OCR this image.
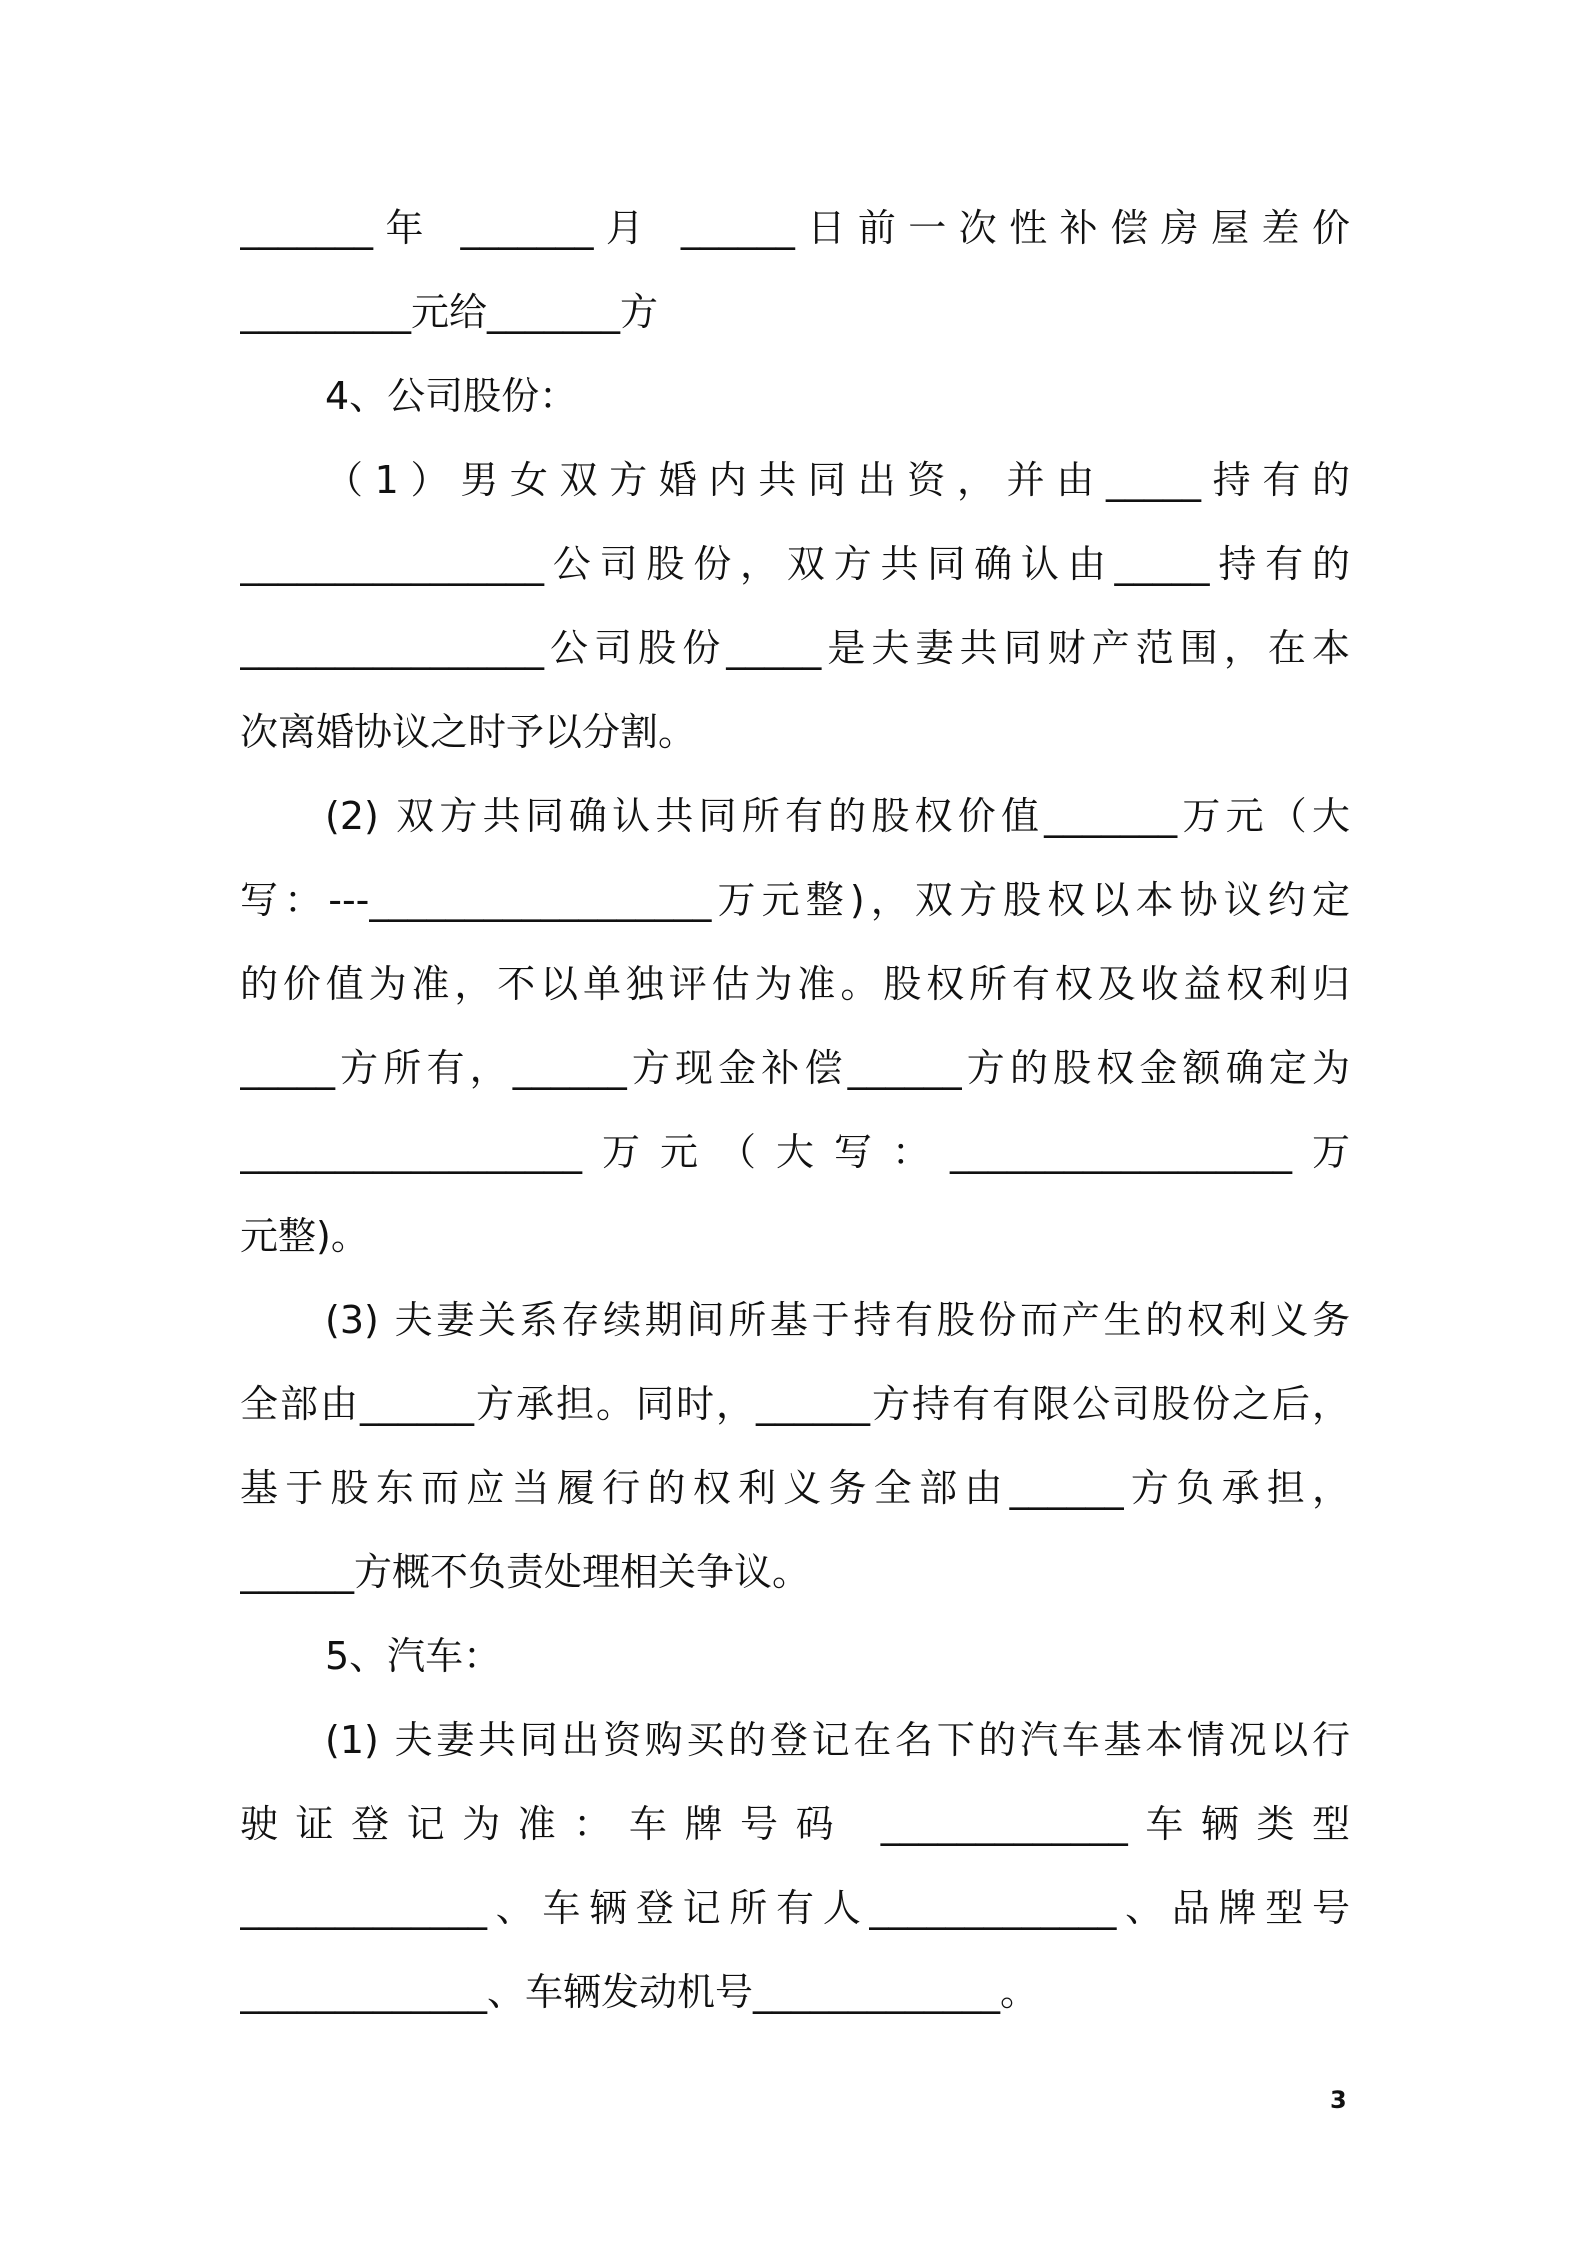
_______年 _______月 ______日前一次性补偿房屋差价
_________元给_______方
4、公司股份：
（1）男女双方婚内共同出资，并由_____持有的
________________公司股份，双方共同确认由_____持有的
________________公司股份_____是夫妻共同财产范围，在本
次离婚协议之时予以分割。
(2) 双方共同确认共同所有的股权价值_______万元（大
写：---__________________万元整)，双方股权以本协议约定
的价值为准，不以单独评估为准。股权所有权及收益权利归
_____方所有，______方现金补偿______方的股权金额确定为
__________________万元（大写：__________________万
元整)。
(3) 夫妻关系存续期间所基于持有股份而产生的权利义务
全部由______方承担。同时，______方持有有限公司股份之后，
基于股东而应当履行的权利义务全部由______方负承担，
______方概不负责处理相关争议。
5、汽车：
(1) 夫妻共同出资购买的登记在名下的汽车基本情况以行
驶证登记为准：车牌号码 _____________车辆类型
_____________、车辆登记所有人_____________、品牌型号
_____________、车辆发动机号_____________。
3
